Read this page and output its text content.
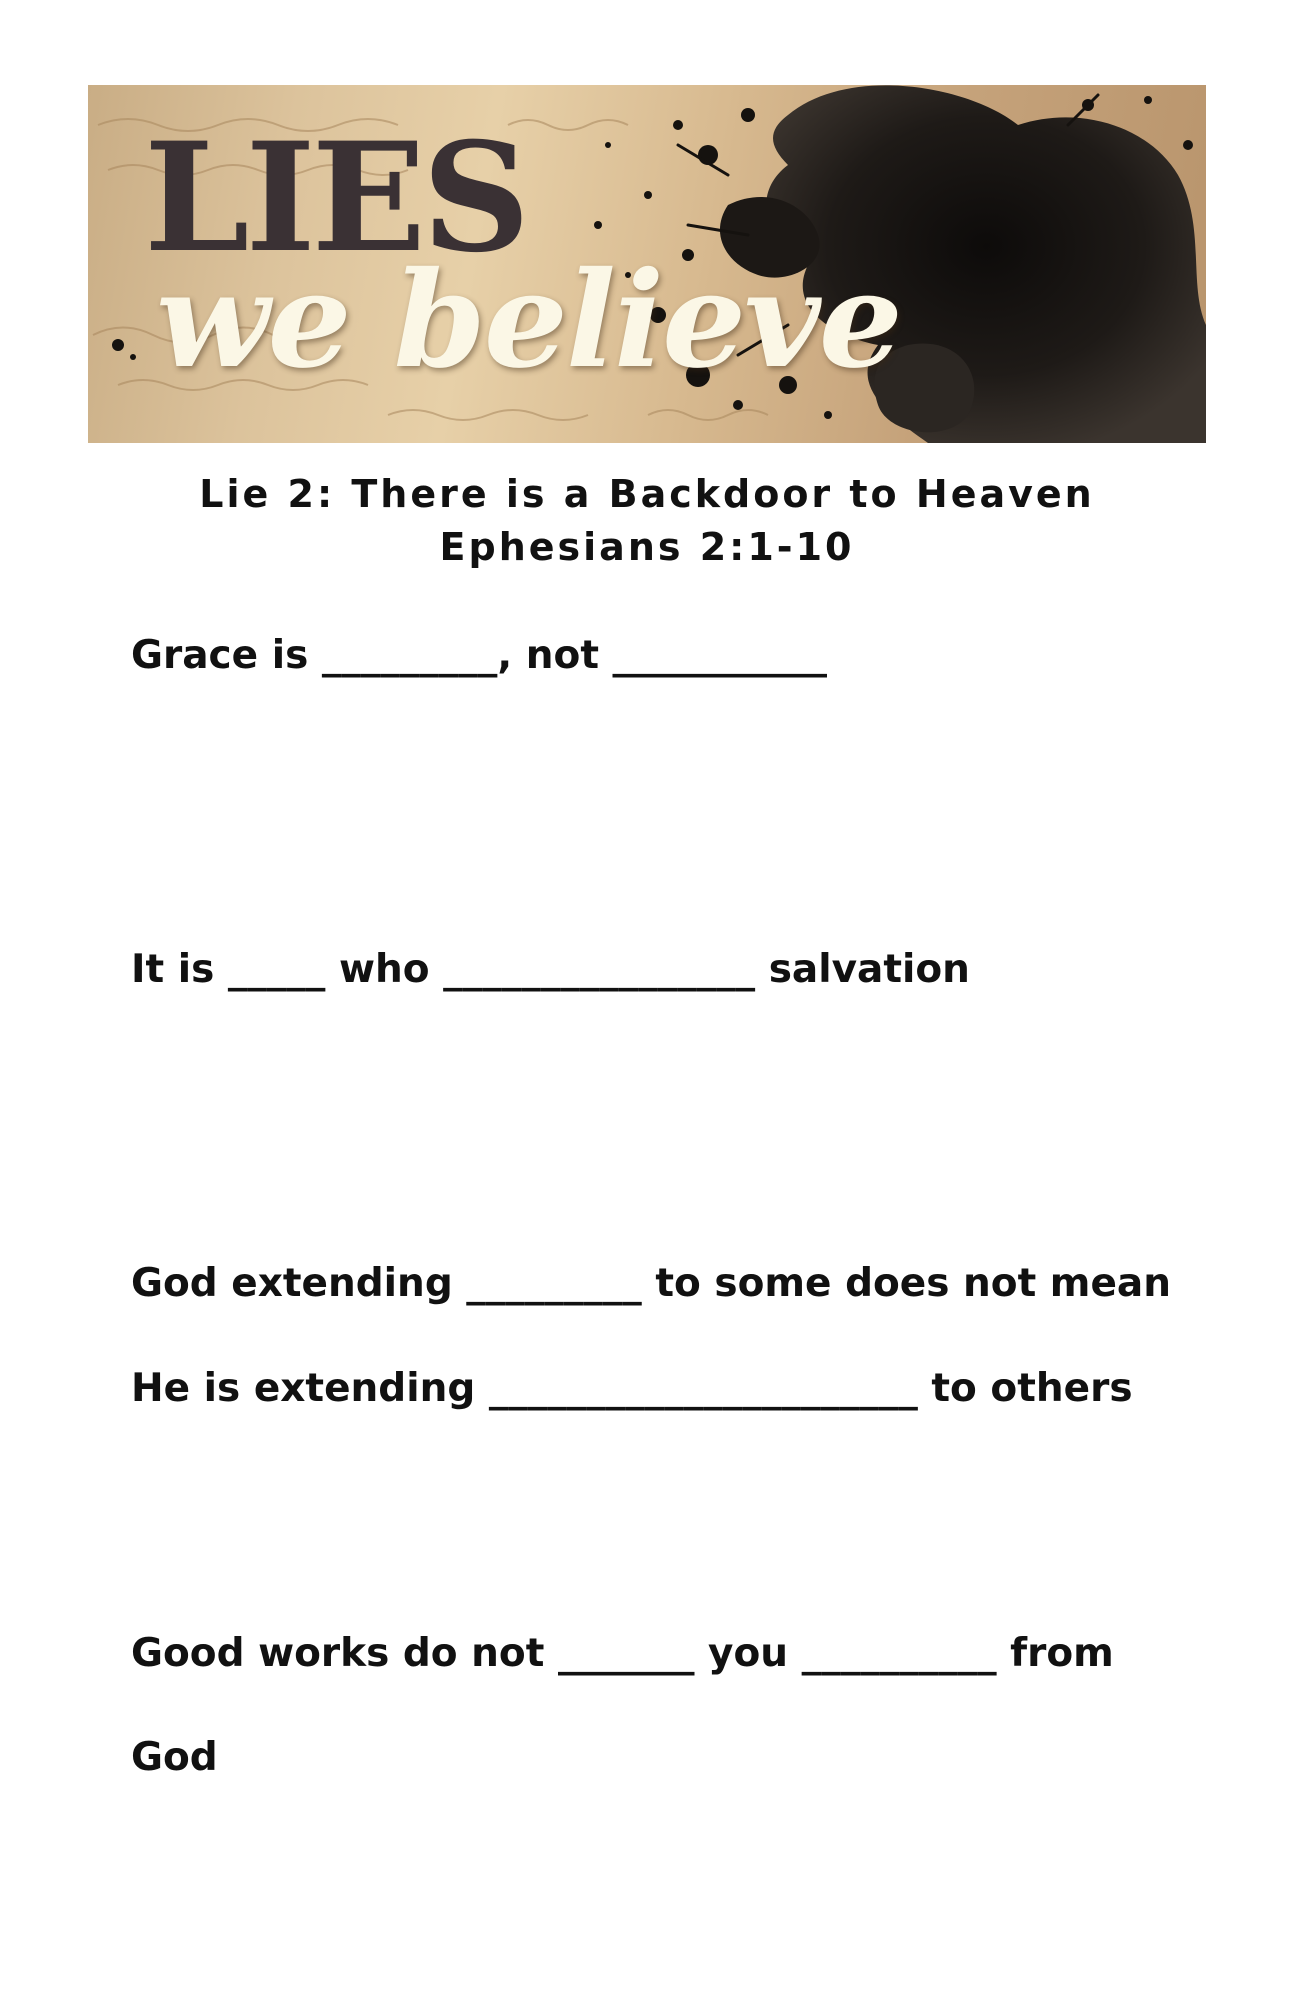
LIES
we believe
Lie 2: There is a Backdoor to Heaven
Ephesians 2:1-10
Grace is _________, not ___________
It is _____ who ________________ salvation
God extending _________ to some does not mean
He is extending ______________________ to others
Good works do not _______ you __________ from
God
